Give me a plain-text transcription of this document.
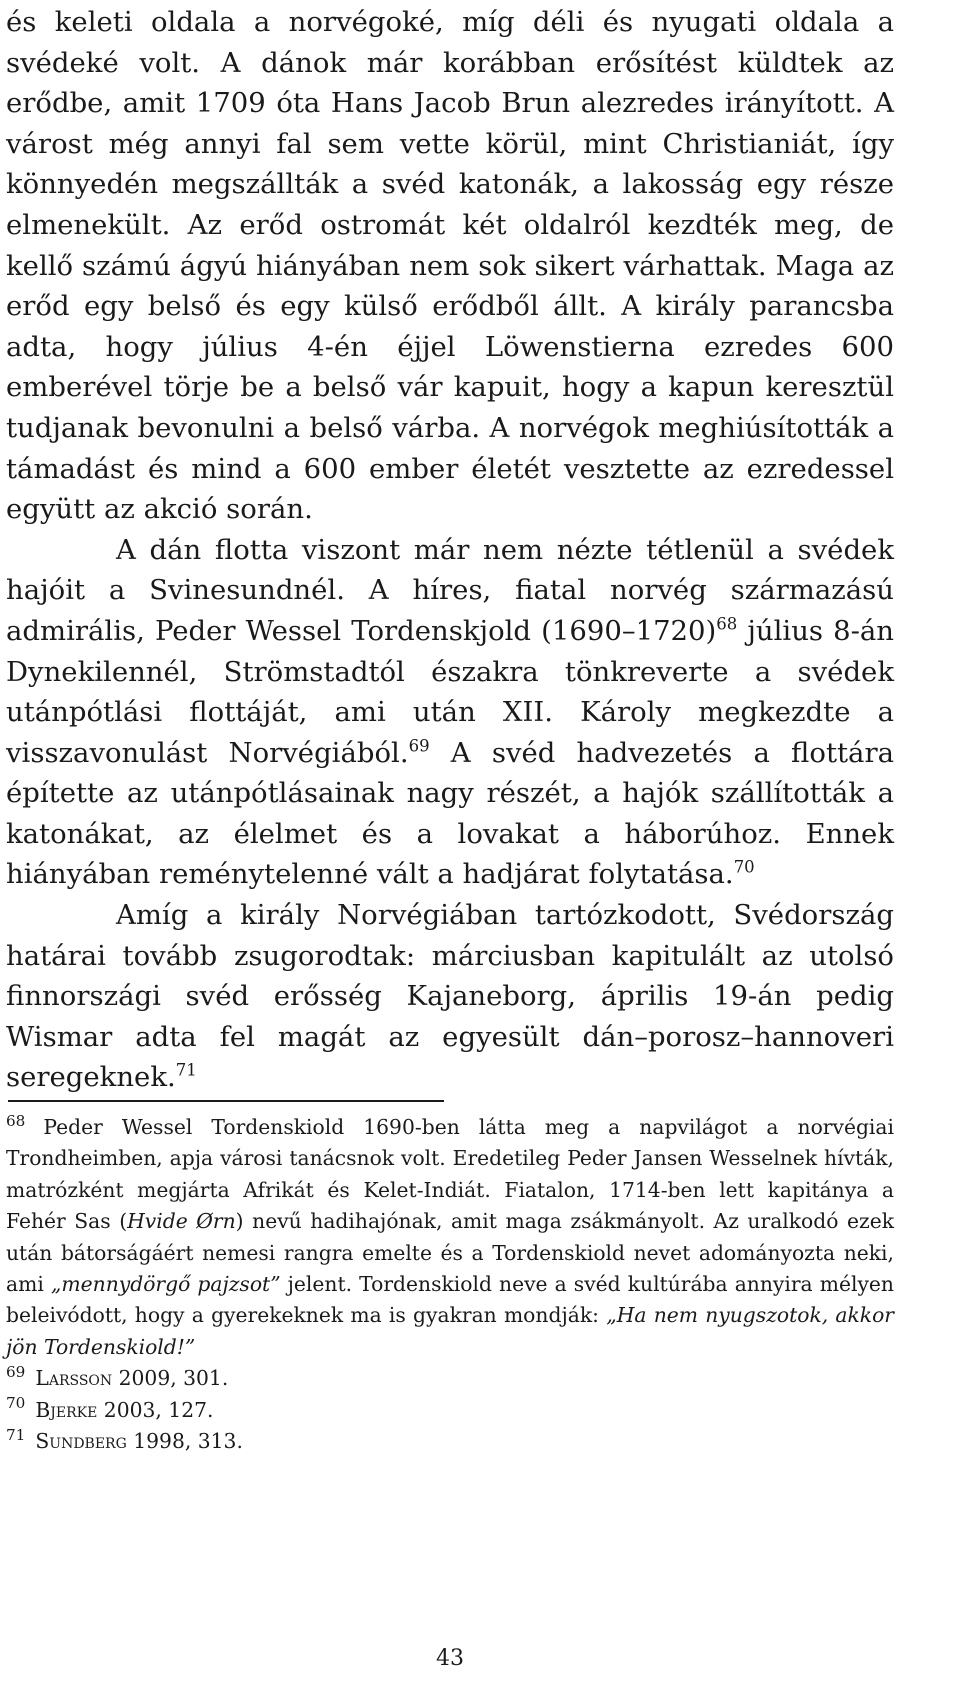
és keleti oldala a norvégoké, míg déli és nyugati oldala a svédeké volt. A dánok már korábban erősítést küldtek az erődbe, amit 1709 óta Hans Jacob Brun alezredes irányított. A várost még annyi fal sem vette körül, mint Christianiát, így könnyedén megszállták a svéd katonák, a lakosság egy része elmenekült. Az erőd ostromát két oldalról kezdték meg, de kellő számú ágyú hiányában nem sok sikert várhattak. Maga az erőd egy belső és egy külső erődből állt. A király parancsba adta, hogy július 4-én éjjel Löwenstierna ezredes 600 emberével törje be a belső vár kapuit, hogy a kapun keresztül tudjanak bevonulni a belső várba. A norvégok meghiúsították a támadást és mind a 600 ember életét vesztette az ezredessel együtt az akció során.

A dán flotta viszont már nem nézte tétlenül a svédek hajóit a Svinesundnél. A híres, fiatal norvég származású admirális, Peder Wessel Tordenskjold (1690–1720)$^{68}$ július 8-án Dynekilennél, Strömstadtól északra tönkreverte a svédek utánpótlási flottáját, ami után XII. Károly megkezdte a visszavonulást Norvégiából.$^{69}$ A svéd hadvezetés a flottára építette az utánpótlásainak nagy részét, a hajók szállították a katonákat, az élelmet és a lovakat a háborúhoz. Ennek hiányában reménytelenné vált a hadjárat folytatása.$^{70}$

Amíg a király Norvégiában tartózkodott, Svédország határai tovább zsugorodtak: márciusban kapitulált az utolsó finnországi svéd erősség Kajaneborg, április 19-án pedig Wismar adta fel magát az egyesült dán–porosz–hannoveri seregeknek.$^{71}$

$^{68}$ Peder Wessel Tordenskiold 1690-ben látta meg a napvilágot a norvégiai Trondheimben, apja városi tanácsnok volt. Eredetileg Peder Jansen Wesselnek hívták, matrózként megjárta Afrikát és Kelet-Indiát. Fiatalon, 1714-ben lett kapitánya a Fehér Sas (Hvide Ørn) nevű hadihajónak, amit maga zsákmányolt. Az uralkodó ezek után bátorságáért nemesi rangra emelte és a Tordenskiold nevet adományozta neki, ami „mennydörgő pajzsot” jelent. Tordenskiold neve a svéd kultúrába annyira mélyen beleivódott, hogy a gyerekeknek ma is gyakran mondják: „Ha nem nyugszotok, akkor jön Tordenskiold!”

$^{69}$ Larsson 2009, 301.

$^{70}$ Bjerke 2003, 127.

$^{71}$ Sundberg 1998, 313.

43
